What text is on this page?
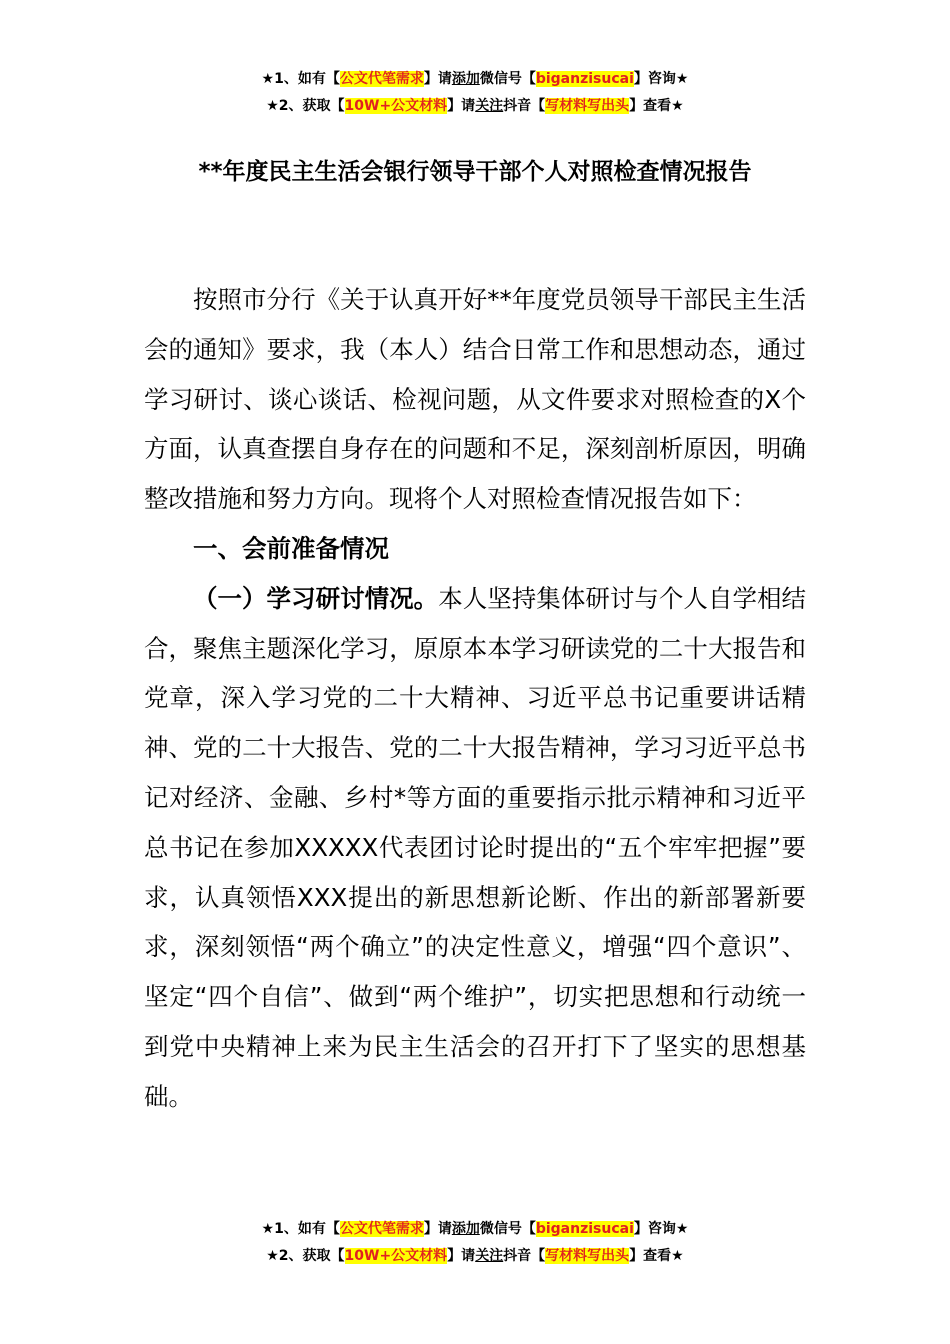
★1、如有【公文代笔需求】请添加微信号【biganzisucai】咨询★
★2、获取【10W+公文材料】请关注抖音【写材料写出头】查看★
**年度民主生活会银行领导干部个人对照检查情况报告

按照市分行《关于认真开好**年度党员领导干部民主生活会的通知》要求，我（本人）结合日常工作和思想动态，通过学习研讨、谈心谈话、检视问题，从文件要求对照检查的X个方面，认真查摆自身存在的问题和不足，深刻剖析原因，明确整改措施和努力方向。现将个人对照检查情况报告如下：

一、会前准备情况

（一）学习研讨情况。本人坚持集体研讨与个人自学相结合，聚焦主题深化学习，原原本本学习研读党的二十大报告和党章，深入学习党的二十大精神、习近平总书记重要讲话精神、党的二十大报告、党的二十大报告精神，学习习近平总书记对经济、金融、乡村*等方面的重要指示批示精神和习近平总书记在参加XXXXX代表团讨论时提出的“五个牢牢把握”要求，认真领悟XXX提出的新思想新论断、作出的新部署新要求，深刻领悟“两个确立”的决定性意义，增强“四个意识”、坚定“四个自信”、做到“两个维护”，切实把思想和行动统一到党中央精神上来为民主生活会的召开打下了坚实的思想基础。

★1、如有【公文代笔需求】请添加微信号【biganzisucai】咨询★
★2、获取【10W+公文材料】请关注抖音【写材料写出头】查看★
